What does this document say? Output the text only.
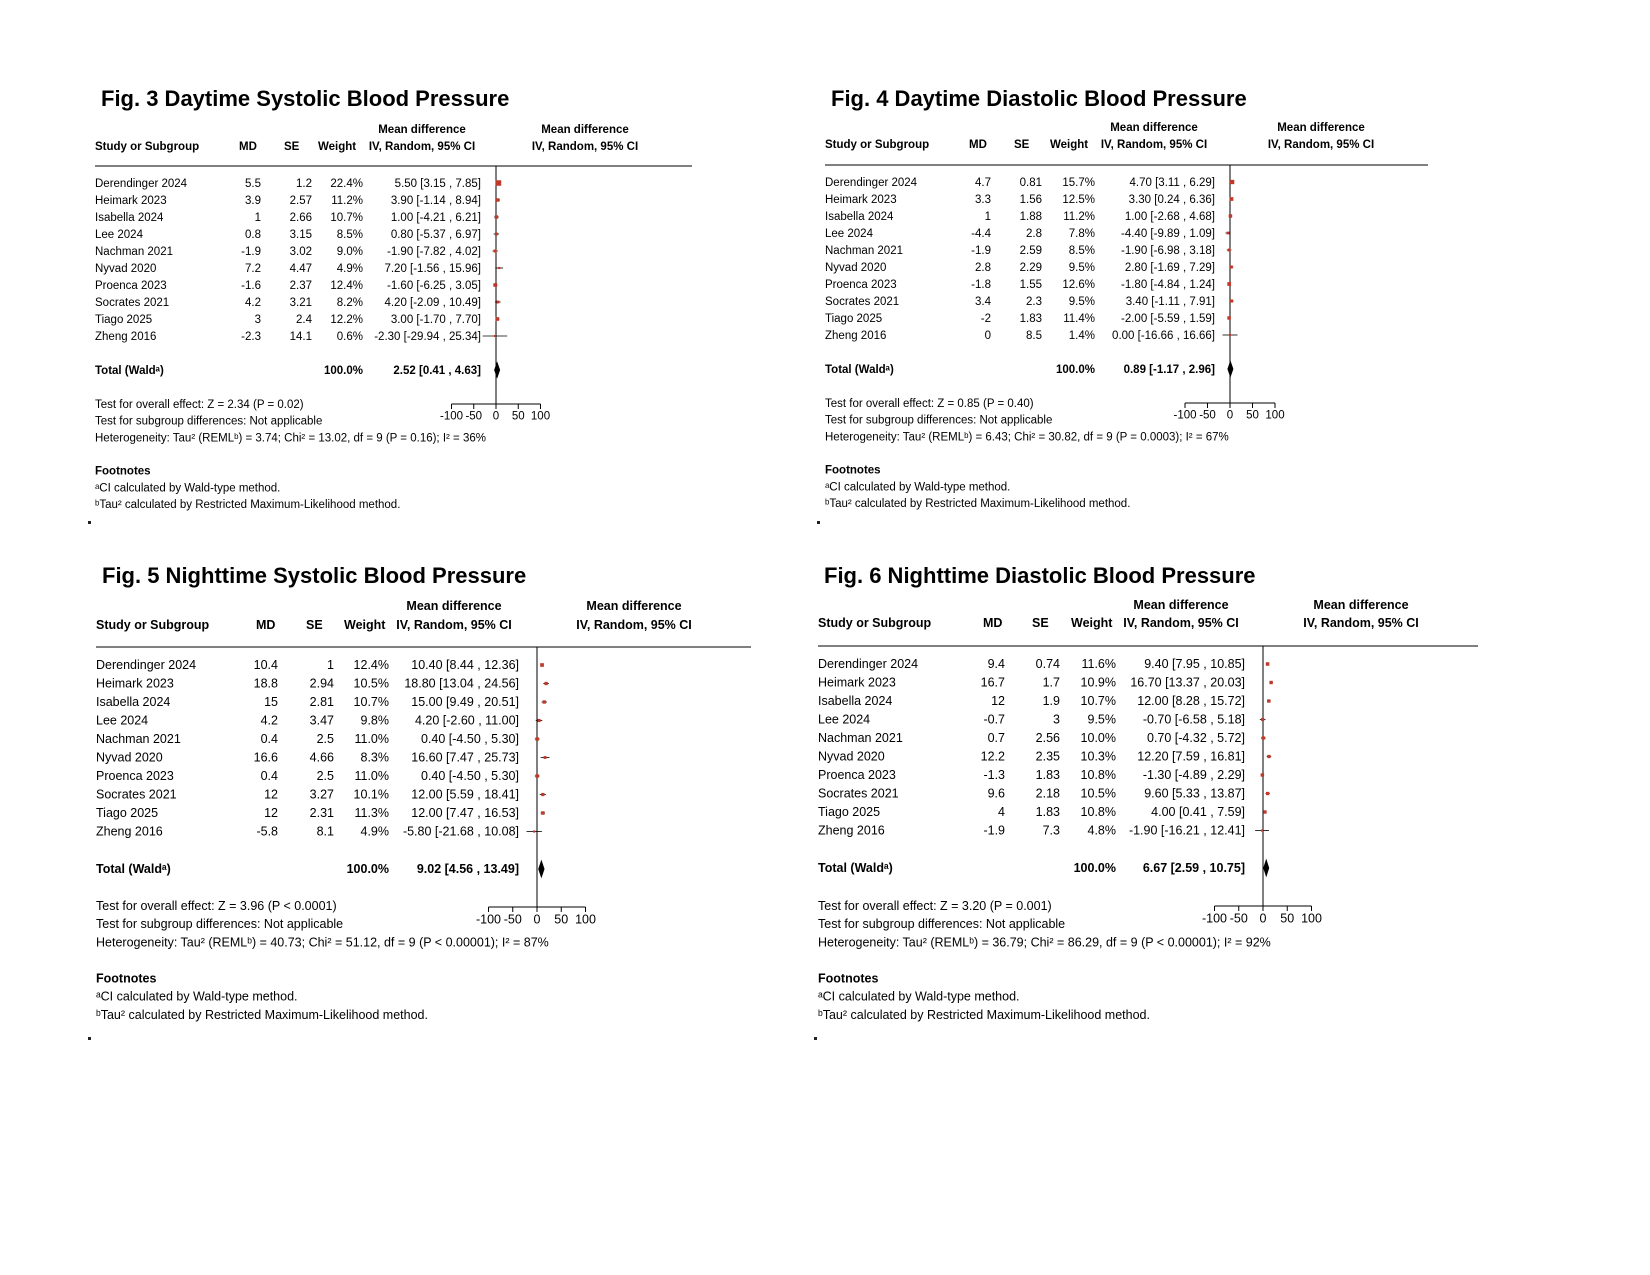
Fig. 3 Daytime Systolic Blood Pressure
Study or Subgroup	MD SE Weight
Mean difference
IV, Random, 95% CI
Mean difference
IV, Random, 95% CI
Derendinger 2024	5.5	1.2 22.4%	5.50 [3.15 , 7.85]
Heimark 2023	3.9 2.57 11.2% 3.90 [-1.14 , 8.94]
Isabella 2024	1 2.66 10.7% 1.00 [-4.21 , 6.21]
Lee 2024	0.8 3.15 8.5% 0.80 [-5.37 , 6.97]
Nachman 2021	-1.9 3.02 9.0% -1.90 [-7.82 , 4.02]
Nyvad 2020	7.2 4.47 4.9% 7.20 [-1.56 , 15.96]
Proenca 2023	-1.6 2.37 12.4% -1.60 [-6.25 , 3.05]
Socrates 2021	4.2 3.21 8.2% 4.20 [-2.09 , 10.49]
Tiago 2025	3	2.4 12.2% 3.00 [-1.70 , 7.70]
Zheng 2016	-2.3 14.1 0.6% -2.30 [-29.94 , 25.34]
Total (Waldᵃ)	100.0%	2.52 [0.41 , 4.63]
-100 -50 0 50 100
Test for overall effect: Z = 2.34 (P = 0.02)
Test for subgroup differences: Not applicable
Heterogeneity: Tau² (REMLᵇ) = 3.74; Chi² = 13.02, df = 9 (P = 0.16); I² = 36%
Footnotes
ᵃCI calculated by Wald-type method.
ᵇTau² calculated by Restricted Maximum-Likelihood method.
Fig. 4 Daytime Diastolic Blood Pressure
Study or Subgroup	MD SE Weight
Mean difference
IV, Random, 95% CI
Mean difference
IV, Random, 95% CI
Derendinger 2024	4.7 0.81 15.7%	4.70 [3.11 , 6.29]
Heimark 2023	3.3 1.56 12.5%	3.30 [0.24 , 6.36]
Isabella 2024	1 1.88 11.2%	1.00 [-2.68 , 4.68]
Lee 2024	-4.4	2.8 7.8% -4.40 [-9.89 , 1.09]
Nachman 2021	-1.9 2.59 8.5% -1.90 [-6.98 , 3.18]
Nyvad 2020	2.8 2.29 9.5%	2.80 [-1.69 , 7.29]
Proenca 2023	-1.8 1.55 12.6% -1.80 [-4.84 , 1.24]
Socrates 2021	3.4	2.3 9.5%	3.40 [-1.11 , 7.91]
Tiago 2025	-2 1.83 11.4% -2.00 [-5.59 , 1.59]
Zheng 2016	0	8.5 1.4% 0.00 [-16.66 , 16.66]
Total (Waldᵃ)	100.0% 0.89 [-1.17 , 2.96]
-100 -50 0 50 100
Test for overall effect: Z = 0.85 (P = 0.40)
Test for subgroup differences: Not applicable
Heterogeneity: Tau² (REMLᵇ) = 6.43; Chi² = 30.82, df = 9 (P = 0.0003); I² = 67%
Footnotes
ᵃCI calculated by Wald-type method.
ᵇTau² calculated by Restricted Maximum-Likelihood method.
Fig. 5 Nighttime Systolic Blood Pressure
Study or Subgroup	MD SE Weight
Mean difference
IV, Random, 95% CI
Mean difference
IV, Random, 95% CI
Derendinger 2024	10.4	1 12.4% 10.40 [8.44 , 12.36]
Heimark 2023	18.8	2.94 10.5% 18.80 [13.04 , 24.56]
Isabella 2024	15	2.81 10.7% 15.00 [9.49 , 20.51]
Lee 2024	4.2	3.47 9.8% 4.20 [-2.60 , 11.00]
Nachman 2021	0.4	2.5 11.0%	0.40 [-4.50 , 5.30]
Nyvad 2020	16.6	4.66 8.3% 16.60 [7.47 , 25.73]
Proenca 2023	0.4	2.5 11.0%	0.40 [-4.50 , 5.30]
Socrates 2021	12	3.27 10.1% 12.00 [5.59 , 18.41]
Tiago 2025	12	2.31 11.3% 12.00 [7.47 , 16.53]
Zheng 2016	-5.8	8.1 4.9% -5.80 [-21.68 , 10.08]
Total (Waldᵃ)	100.0% 9.02 [4.56 , 13.49]
-100 -50 0 50 100
Test for overall effect: Z = 3.96 (P < 0.0001)
Test for subgroup differences: Not applicable
Heterogeneity: Tau² (REMLᵇ) = 40.73; Chi² = 51.12, df = 9 (P < 0.00001); I² = 87%
Footnotes
ᵃCI calculated by Wald-type method.
ᵇTau² calculated by Restricted Maximum-Likelihood method.
Fig. 6 Nighttime Diastolic Blood Pressure
Study or Subgroup	MD SE Weight
Mean difference
IV, Random, 95% CI
Mean difference
IV, Random, 95% CI
Derendinger 2024	9.4 0.74 11.6% 9.40 [7.95 , 10.85]
Heimark 2023	16.7	1.7 10.9% 16.70 [13.37 , 20.03]
Isabella 2024	12	1.9 10.7% 12.00 [8.28 , 15.72]
Lee 2024	-0.7	3 9.5% -0.70 [-6.58 , 5.18]
Nachman 2021	0.7 2.56 10.0% 0.70 [-4.32 , 5.72]
Nyvad 2020	12.2 2.35 10.3% 12.20 [7.59 , 16.81]
Proenca 2023	-1.3 1.83 10.8% -1.30 [-4.89 , 2.29]
Socrates 2021	9.6 2.18 10.5% 9.60 [5.33 , 13.87]
Tiago 2025	4 1.83 10.8%	4.00 [0.41 , 7.59]
Zheng 2016	-1.9	7.3 4.8% -1.90 [-16.21 , 12.41]
Total (Waldᵃ)	100.0% 6.67 [2.59 , 10.75]
-100 -50 0 50 100
Test for overall effect: Z = 3.20 (P = 0.001)
Test for subgroup differences: Not applicable
Heterogeneity: Tau² (REMLᵇ) = 36.79; Chi² = 86.29, df = 9 (P < 0.00001); I² = 92%
Footnotes
ᵃCI calculated by Wald-type method.
ᵇTau² calculated by Restricted Maximum-Likelihood method.
